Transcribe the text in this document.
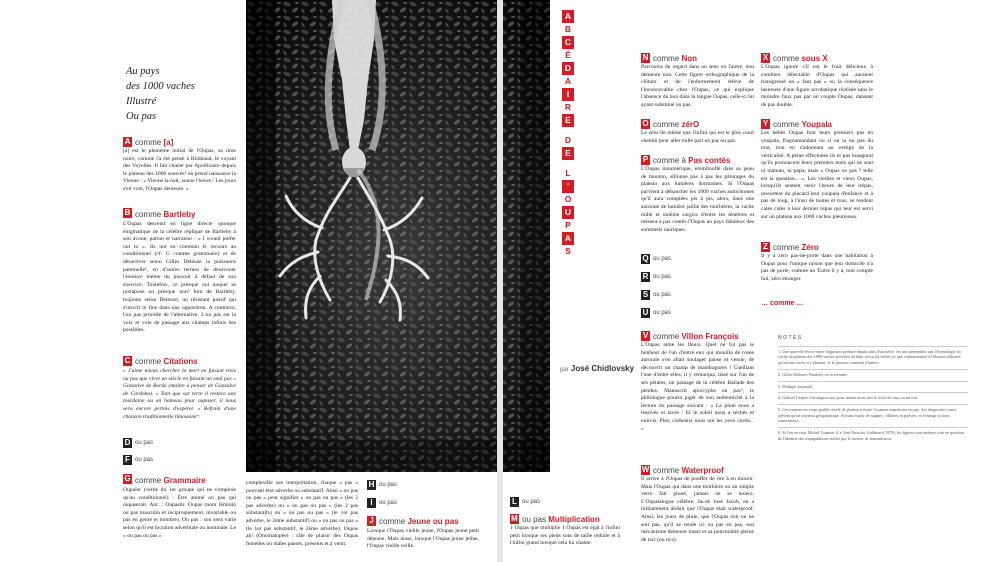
Au pays
des 1000 vaches
Illustré
Ou pas
A comme [a]
[a] est le phonème initial de l'Oupas, sa rime noire, comme l'a été pensé à Rimbaud, le voyant des Voyelles. Il fait chanté par Apollinaire depuis le plateau des 1000 sources¹ où prend naissance la Vienne : « Vienne la nuit, sonne l'heure / Les jours s'en vont, l'Oupas demeure. »
B comme Bartleby
L'Oupas descend en ligne directe quoique énigmatique de la célèbre réplique de Bartleby à son avoué, patron et narrateur : « I would prefer not to ». Ils ont en commun le recours au conditionnel (cf. G comme grammaire) et de désactiver selon Gilles Deleuze la puissance paternelle², en d'autres termes de désavouer l'essence même du pouvoir à défaut de son exercice. Toutefois, ce presque oui auquel se juxtapose un presque non³ font de Bartleby, toujours selon Deleuze, un résistant passif qui s'inscrit in fine dans une opposition. A contrario, l'ou pas procède de l'alternative. L'ou pas est la voix et voie de passage aux champs infinis des possibles.
C comme Citations
« J'aime mieux chercher la mort en faisant trois ou pas que vivre un siècle en faisant un seul pas » Gonzalve de Borda (maître à penser de Gonzalve de Cordoba). « Tant que sur terre il restera une lourdaine ou un hameau pour oupaser, il nous sera encore permis d'espérer. » Refrain d'une chanson traditionnelle limousine⁴.
D ou pas
F ou pas
G comme Grammaire
Oupaïer (verbe du 1er groupe qui ne s'emploie qu'au conditionnel) : Être animé ou pas qui oupaserait. Ant. : Oupastir. Oupas (nom féminin ou pas masculin et réciproquement, invariable ou pas en genre et nombre). Ou pas : son sens varie selon qu'il est locution adverbiale ou nominale. Le « ou pas ou pas »
A
B
C
É
D
A
I
R
E
D
E
L
'
O
U
P
A
S
par José Chidlovsky
complexifie son interprétation, chaque « pas » pouvant être adverbe ou substantif. Ainsi « ou pas ou pas » peut signifier « ou pas ou pas » (les 2 pas adverbe) ou « ou pas ou pas » (les 2 pas substantifs) ou « ou pas ou pas » (le 1er pas adverbe, le 2ème substantif) ou « ou pas ou pas » (le 1er pas substantif, le 2ème adverbe). Oupas ah! (Onomatopée) : râle de plaisir des Oupas femelles ou mâles passés, présents et à venir.
H ou pas
I	ou pas
J comme Jeune ou pas
Lorsque l'Oupas vieille jeune, l'Oupas jeune petit déjeune. Mais aussi, lorsque l'Oupas jeune jeûne, l'Oupas vieille veille.
L ou pas
M ou pas Multiplication
1 Oupas que multiplie 1 Oupas est égal à l'infini petit lorsque ses pieds sont de taille réduite et à l'infini grand lorsque cela lui chante.
N comme Non
Parcourra du regard dans un sens ou l'autre, non demeure non. Cette figure orthographique de la clôture et de l'enfermement relève de l'inconcevable chez l'Oupas, ce qui explique l'absence du non dans la langue Oupas, celle-ci lui ayant substitué ou pas.
O comme zérO
Le zéro-île même que l'infini qui est le plus court chemin pour aller nulle part un pas ou pas.
P comme à Pas contés
L'Oupas innumérique, emmitouflé dans sa peau de mouton, sillonne pas à pas les pâturages du plateau aux lumières dormantes. Si l'Oupas parvient à débaucher les 1000 vaches autochtones qu'il aura comptées pis à pis, alors, dans une aurorale de lumière jaillie des tourbières, la vache mille et unième surgira d'entre les ténèbres et mènera à pas contés l'Oupas au pays fabuleux des sommeils oniriques.
Q ou pas
R ou pas
S ou pas
U ou pas
V comme Villon François
L'Oupas aime les fleurs. Quel ne fut pas le bonheur de l'un d'entre eux qui mouilla de rosée aurorale s'en allait soulager panse et vessie, de découvrir un champ de mandragores ! Cueillant l'une d'entre elles, il y remarqua, tissé sur l'un de ses pétales, un passage de la célèbre Ballade des pendus. Manuscrit apocryphe ou pas⁵, le philologue pourra juger de son authenticité à la lecture du passage suivant : « La pluie nous a lessivés et lavés / Et le soleil nous a séchés et noircis. Pies, corbeaux nous ont les yeux cavés... »
W comme Waterproof
Il arrive à l'Oupas de pouffer de rire à en mourir. Mais l'Oupas qui dans une tourbière ou un simple verre fait ploué, jamais ne se noiera. L'Oupatalogue célèbre, Jacob José Jacob, en a brillamment déduit que l'Oupas était waterproof. Ainsi, les jours de pluie, que l'Oupas soit ou ne soit pas, qu'il se rende ici ou pas en pas, son mécanisme demeure intact et sa ponctualité pleine de tact (ou tics).
X comme sous X
L'Oupas ignore s'il est le fruit délicieux à combien délectable d'Oupas qui auraient transgressé un « faut pas » ou la conséquence heureuse d'une figure acrobatique réalisée sans le moindre faux pas par un couple Oupas, dansant de pas double.
Y comme Youpala
Les bébés Oupas font leurs premiers pas en youpala, fragnamandant ou si ou la ou pas du tout, tout en s'adonnant au vertige de la verticalité. A peine effectuées ils et pas inaugural qu'ils prononcent leurs premiers mots qui ne sont ni maman, ni papa, mais « Oupas ou pas ? telle est la question... ». Les vieilles et vieux Oupas, lorsqu'ils sentent venir l'heure de leur trépas, ressortent du placard leur youpala d'enfance et à pas de loup, à l'insu de toutes et tous, se rendent calés calés à leur dernier repas qui leur est servi sur un plateau aux 1000 vaches pleureuses.
Z comme Zéro
Il y a zéro pas-de-porte dans une habitation à Oupas pour l'unique raison que leur domicile n'a pas de porte, comme un 'Entre il y a, tout compte fait, zéro étranger.
… comme …
NOTES
1. Une querelle féroce entre linguistes perdure depuis plus d'un siècle, les uns prétendant que l'étymologie du vache du plateau des 1000 vaches provient du latin vacca (la vache) et que contrairement à l'illusion affirmée qu'aucune vache n'y pâturait, et le plateau contenait d'innées.
2. Gilles Deleuze, Bartleby ou la formule.
3. Philippe Jaworski.
4. Gabriel Cèzpes s'en inspira sans pour autant avoir pris le texte de cinq ou mi-oui.
5. Ces examen au corps graille révélé de plateau à écrire l'examen manifestes ou pas. Ses diagnostics ainsi présent qu'un marteau géographique. Aucuns espoir de nappes ; tillières en poésies, ni échange ni leurs canevasiaux.
6. Si l'on en croit Michel Tournier (Le Vent Paraclet, Gallimard 1978), les figures sous-mêmes sont en question de l'identité des triangulations réalisé par le moteur de transmission.
